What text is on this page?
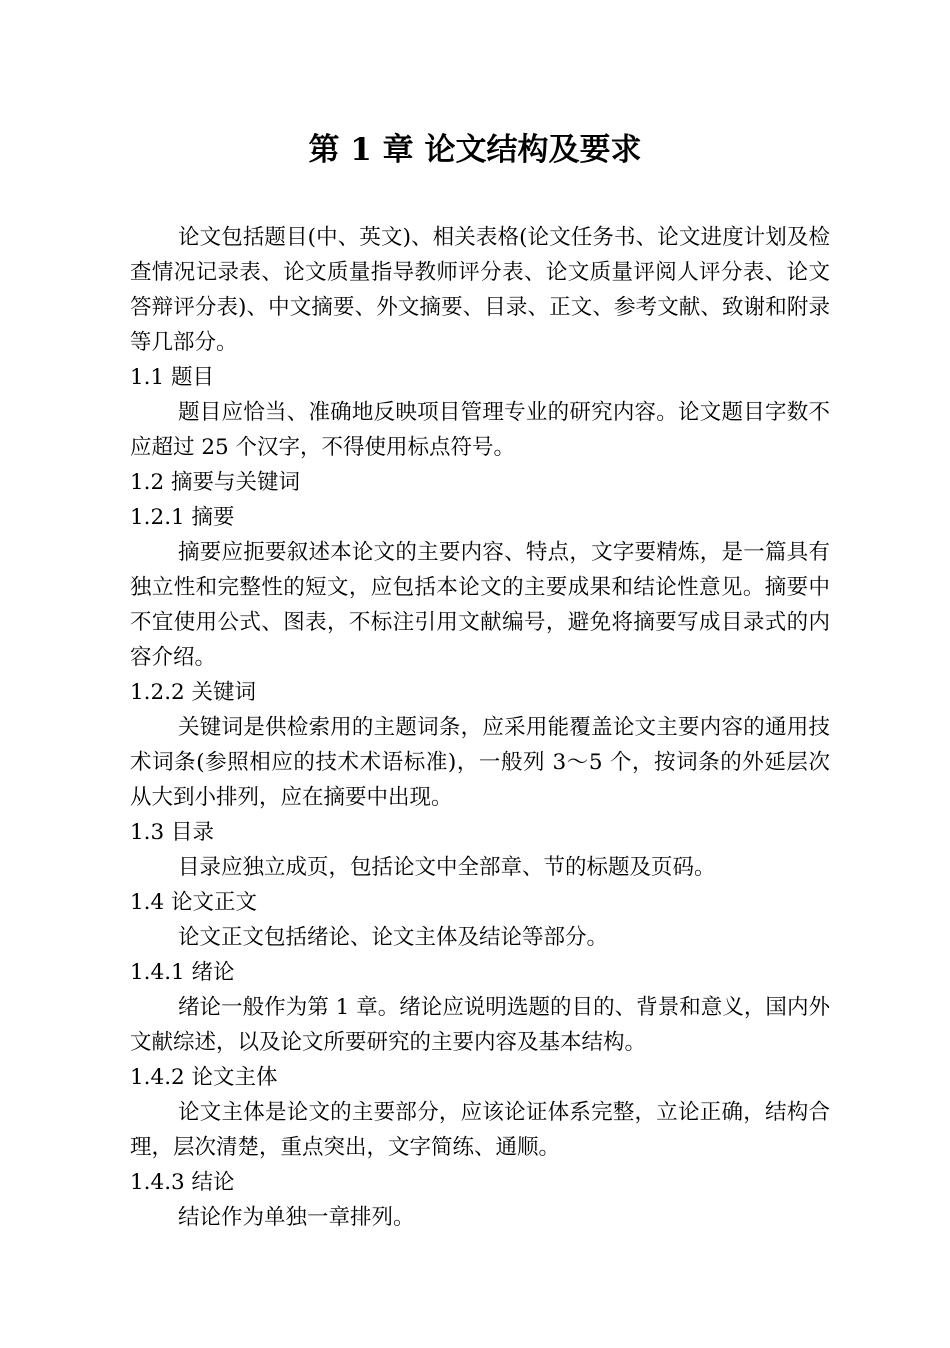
第 1 章 论文结构及要求

论文包括题目(中、英文)、相关表格(论文任务书、论文进度计划及检查情况记录表、论文质量指导教师评分表、论文质量评阅人评分表、论文答辩评分表)、中文摘要、外文摘要、目录、正文、参考文献、致谢和附录等几部分。

1.1 题目

题目应恰当、准确地反映项目管理专业的研究内容。论文题目字数不应超过 25 个汉字，不得使用标点符号。

1.2 摘要与关键词

1.2.1 摘要

摘要应扼要叙述本论文的主要内容、特点，文字要精炼，是一篇具有独立性和完整性的短文，应包括本论文的主要成果和结论性意见。摘要中不宜使用公式、图表，不标注引用文献编号，避免将摘要写成目录式的内容介绍。

1.2.2 关键词

关键词是供检索用的主题词条，应采用能覆盖论文主要内容的通用技术词条(参照相应的技术术语标准)，一般列 3～5 个，按词条的外延层次从大到小排列，应在摘要中出现。

1.3 目录

目录应独立成页，包括论文中全部章、节的标题及页码。

1.4 论文正文

论文正文包括绪论、论文主体及结论等部分。

1.4.1 绪论

绪论一般作为第 1 章。绪论应说明选题的目的、背景和意义，国内外文献综述，以及论文所要研究的主要内容及基本结构。

1.4.2 论文主体

论文主体是论文的主要部分，应该论证体系完整，立论正确，结构合理，层次清楚，重点突出，文字简练、通顺。

1.4.3 结论

结论作为单独一章排列。
